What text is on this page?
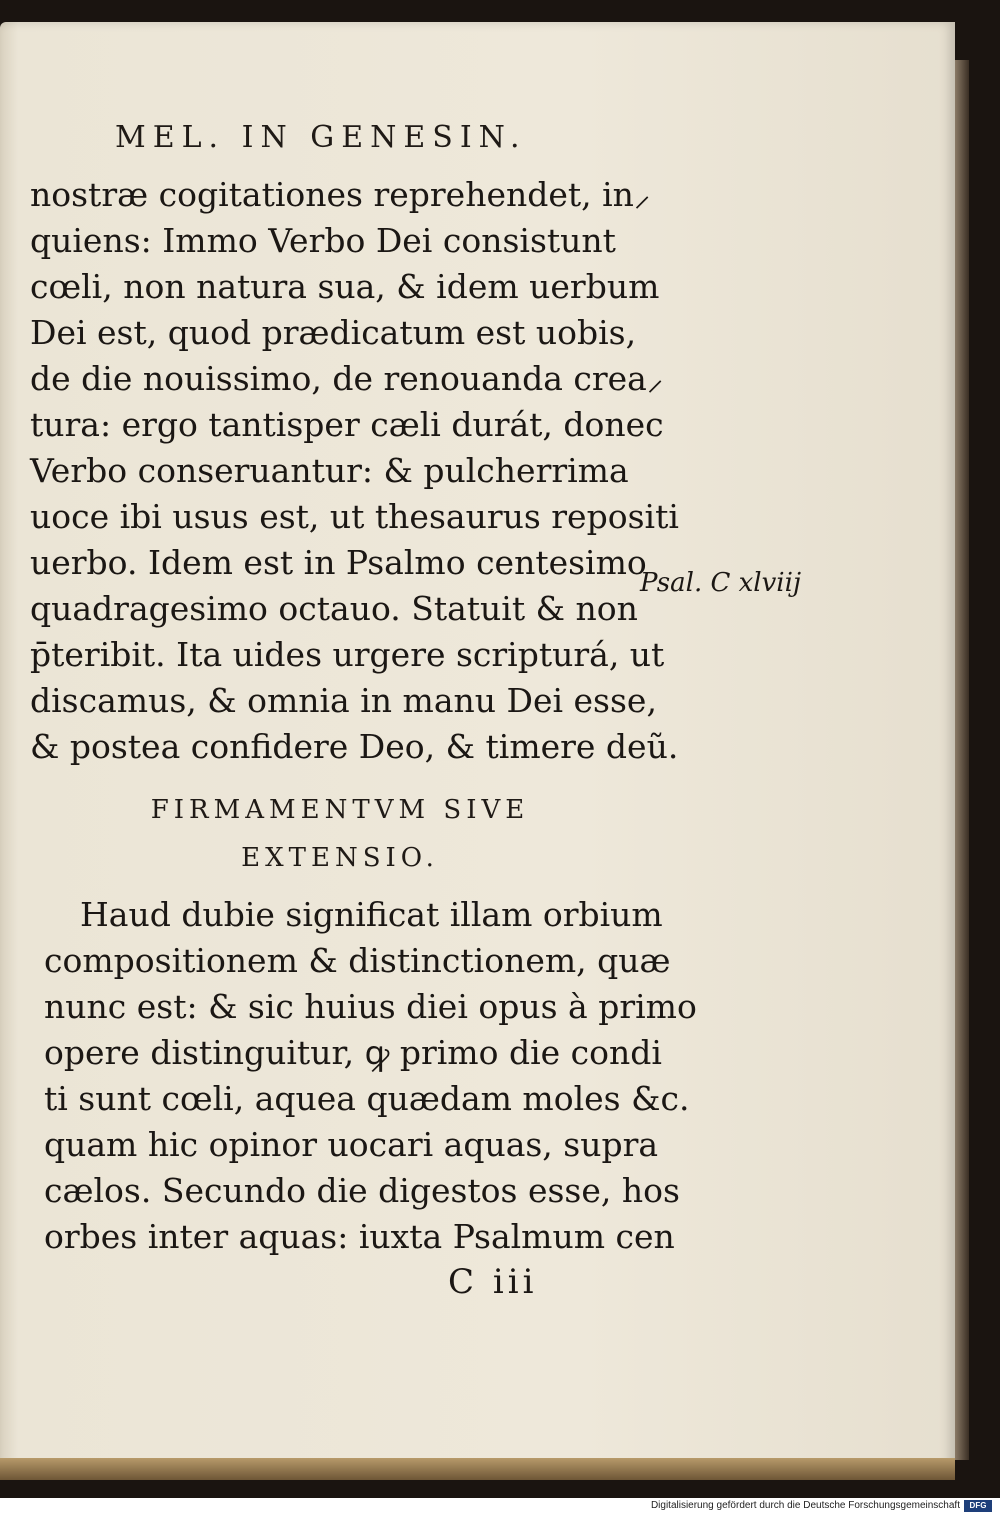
MEL. IN GENESIN.
nostræ cogitationes reprehendet, in⸝
quiens: Immo Verbo Dei consistunt
cœli, non natura sua, & idem uerbum
Dei est, quod prædicatum est uobis,
de die nouissimo, de renouanda crea⸝
tura: ergo tantisper cæli durát, donec
Verbo conseruantur: & pulcherrima
uoce ibi usus est, ut thesaurus repositi
uerbo. Idem est in Psalmo centesimo
quadragesimo octauo. Statuit & non
p̄teribit. Ita uides urgere scripturá, ut
discamus, & omnia in manu Dei esse,
& postea confidere Deo, & timere deũ.
Psal. C xlviij
FIRMAMENTVM SIVE
EXTENSIO.
Haud dubie significat illam orbium
compositionem & distinctionem, quæ
nunc est: & sic huius diei opus à primo
opere distinguitur, ꝙ primo die condi
ti sunt cœli, aquea quædam moles &c.
quam hic opinor uocari aquas, supra
cælos. Secundo die digestos esse, hos
orbes inter aquas: iuxta Psalmum cen
C iii
Digitalisierung gefördert durch die Deutsche Forschungsgemeinschaft	DFG
